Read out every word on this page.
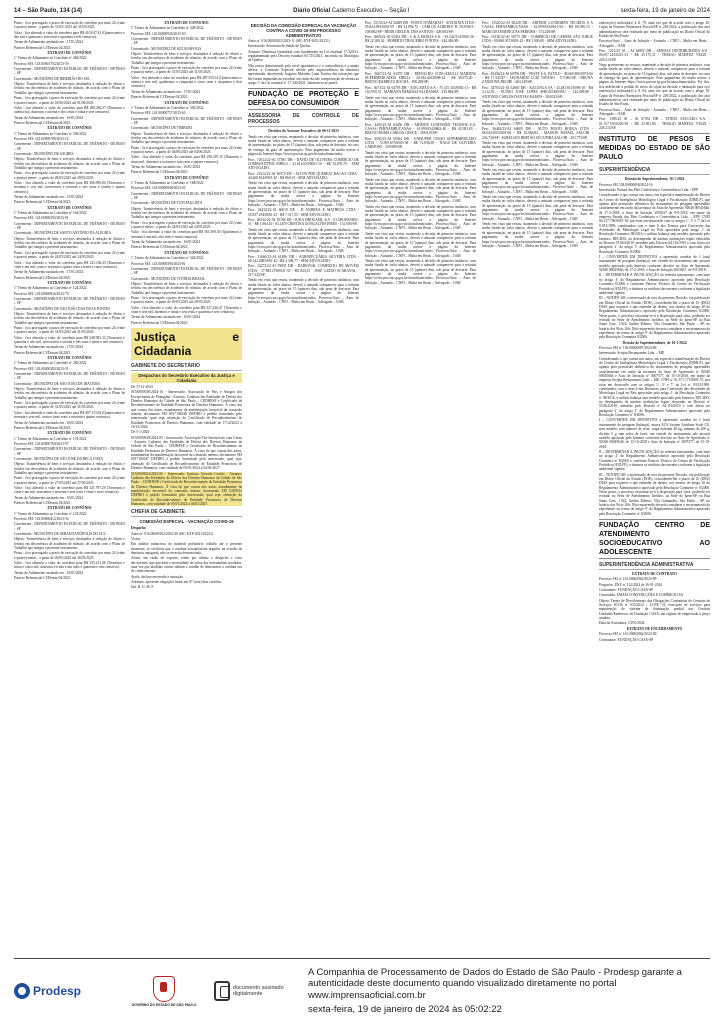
14 – São Paulo, 134 (14)	Diário Oficial Caderno Executivo – Seção I	sexta-feira, 19 de janeiro de 2024

Prazo : fica prorrogado o prazo de execução do convênio por mais 24 (vinte e quatro) meses , a partir de 31/05/ 2023 até 31/05/2025.

Valor : fica alterado o valor do convênio para R$ 410.047,43 (Quatrocentos e dez mil e quarenta e sete reais e quarenta e três centavos).

Termo de Aditamento assinado em : 17/01/2024

Parecer Referencial CJ/Detran 04/2023

EXTRATO DE CONVÊNIO

1º Termo de Aditamento ao Convênio nº 484/2022

Processo SEI: 143.00001702/2023-59

Convenente : DEPARTAMENTO ESTADUAL DE TRÂNSITO - DETRAN – SP

Conveniado : MUNICÍPIO DE RIBEIRÃO DO SUL

Objeto: Transferência de bens e serviços destinados à redução de óbitos e feridos em decorrência de acidentes de trânsito, de acordo com o Plano de Trabalho que integra o presente instrumento.

Prazo : fica prorrogado o prazo de execução do convênio por mais 24 (vinte e quatro) meses , a partir de 01/06/2023 até 01/06/2025.

Valor : fica alterado o valor do convênio para R$ 280.282,37 (Duzentos e oitenta mil, duzentos e oitenta e dois reais e trinta e sete centavos).

Termo de Aditamento assinado em : 16/01/2024

Parecer Referencial CJ/Detran 04/2023

EXTRATO DE CONVÊNIO

1º Termo de Aditamento ao Convênio nº 336/2022

Processo SEI: 143.00000789/2023-12

Convenente : DEPARTAMENTO ESTADUAL DE TRÂNSITO - DETRAN – SP

Conveniado : MUNICÍPIO DE SAGRES

Objeto: Transferência de bens e serviços destinados à redução de óbitos e feridos em decorrência de acidentes de trânsito, de acordo com o Plano de Trabalho que integra o presente instrumento.

Prazo : fica prorrogado o prazo de execução do convênio por mais 24 (vinte e quatro) meses , a partir de 28/05/2023 até 28/05/2025.

Valor : fica alterado o valor do convênio para R$ 366.996,84 (Trezentos e sessenta e seis mil, novecentos e noventa e seis reais e oitenta e quatro centavos).

Termo de Aditamento assinado em : 15/01/2024

Parecer Referencial CJ/Detran 04/2023

EXTRATO DE CONVÊNIO

1º Termo de Aditamento ao Convênio nº 164/2022

Processo SEI: 143.00000392/2023-91

Convenente : DEPARTAMENTO ESTADUAL DE TRÂNSITO - DETRAN – SP

Conveniado : MUNICÍPIO DE SANTO ANTÔNIO DA ALEGRIA

Objeto: Transferência de bens e serviços destinados à redução de óbitos e feridos em decorrência de acidentes de trânsito, de acordo com o Plano de Trabalho que integra o presente instrumento.

Prazo : fica prorrogado o prazo de execução do convênio por mais 24 (vinte e quatro) meses , a partir de 24/05/2023 até 24/05/2025.

Valor : fica alterado o valor do convênio para R$ 221.164,35 (Duzentos e vinte e um mil, cento e sessenta e quatro reais e trinta e cinco centavos).

Termo de Aditamento assinado em : 17/01/2024

Parecer Referencial CJ/Detran 04/2023

EXTRATO DE CONVÊNIO

1º Termo de Aditamento ao Convênio nº 124/2022

Processo SEI: 143.00000943/2023-70

Convenente : DEPARTAMENTO ESTADUAL DE TRÂNSITO - DETRAN – SP

Conveniado : MUNICÍPIO DE SÃO JOÃO DAS DUAS PONTES

Objeto: Transferência de bens e serviços destinados à redução de óbitos e feridos em decorrência de acidentes de trânsito, de acordo com o Plano de Trabalho que integra o presente instrumento.

Prazo : fica prorrogado o prazo de execução do convênio por mais 24 (vinte e quatro) meses , a partir de 31/05/2023 até 31/05/2025.

Valor : fica alterado o valor do convênio para R$ 348.983,33 (Trezentos e quarenta e oito mil, novecentos e oitenta e três reais e trinta e três centavos).

Termo de Aditamento assinado em : 17/01/2024

Parecer Referencial CJ/Detran 04/2023

EXTRATO DE CONVÊNIO

1º Termo de Aditamento ao Convênio nº 365/2022

Processo SEI: 143.00000382/2023-51

Convenente : DEPARTAMENTO ESTADUAL DE TRÂNSITO - DETRAN – SP

Conveniado : MUNICÍPIO DE SÃO JOÃO DE IRACEMA

Objeto: Transferência de bens e serviços destinados à redução de óbitos e feridos em decorrência de acidentes de trânsito, de acordo com o Plano de Trabalho que integra o presente instrumento.

Prazo : fica prorrogado o prazo de execução do convênio por mais 24 (vinte e quatro) meses , a partir de 31/05/2023 até 31/05/2025.

Valor : fica alterado o valor do convênio para R$ 497.113,94 (Quatrocentos e noventa e sete mil, cento e treze reais e noventa e quatro centavos).

Termo de Aditamento assinado em : 16/01/2024

Parecer Referencial CJ/Detran 04/2023

EXTRATO DE CONVÊNIO

1º Termo de Aditamento ao Convênio nº 191/2022

Processo SEI: 143.00000760/2023-97

Convenente : DEPARTAMENTO ESTADUAL DE TRÂNSITO - DETRAN – SP

Conveniado : MUNICÍPIO DE SÃO JOSÉ DA BELA VISTA

Objeto: Transferência de bens e serviços destinados à redução de óbitos e feridos em decorrência de acidentes de trânsito, de acordo com o Plano de Trabalho que integra o presente instrumento.

Prazo : fica prorrogado o prazo de execução do convênio por mais 24 (vinte e quatro) meses , a partir de 27/05/2023 até 27/05/2025.

Valor : fica alterado o valor do convênio para R$ 321.797,29 (Trezentos e vinte e um mil, setecentos e noventa e sete reais e vinte e nove centavos).

Termo de Aditamento assinado em : 16/01/2024

Parecer Referencial CJ/Detran 04/2023

EXTRATO DE CONVÊNIO

1º Termo de Aditamento ao Convênio nº 123/2022

Processo SEI: 143.00000412/2023-54

Convenente : DEPARTAMENTO ESTADUAL DE TRÂNSITO - DETRAN – SP

Conveniado : MUNICÍPIO DE SEBASTIANÓPOLIS DO SUL

Objeto: Transferência de bens e serviços destinados à redução de óbitos e feridos em decorrência de acidentes de trânsito, de acordo com o Plano de Trabalho que integra o presente instrumento.

Prazo : fica prorrogado o prazo de execução do convênio por mais 24 (vinte e quatro) meses , a partir de 26/05/2023 até 26/05/2025.

Valor : fica alterado o valor do convênio para R$ 335.231,48 (Trezentos e trinta e cinco mil, duzentos e trinta e um reais e quarenta e oito centavos).

Termo de Aditamento assinado em : 16/01/2024

Parecer Referencial CJ/Detran 04/2023

EXTRATO DE CONVÊNIO

1º Termo de Aditamento ao Convênio nº 428/2022

Processo SEI: 143.00000926/2023-03

Convenente : DEPARTAMENTO ESTADUAL DE TRÂNSITO - DETRAN – SP

Conveniado : MUNICÍPIO DE SUZANÁPOLIS

Objeto: Transferência de bens e serviços destinados à redução de óbitos e feridos em decorrência de acidentes de trânsito, de acordo com o Plano de Trabalho que integra o presente instrumento.

Prazo : fica prorrogado o prazo de execução do convênio por mais 24 (vinte e quatro) meses , a partir de 31/05/2023 até 31/05/2025.

Valor : fica alterado o valor do convênio para R$ 487.555,52 (Quatrocentos e oitenta e sete mil, quinhentos e cinquenta e cinco reais e cinquenta e dois centavos).

Termo de Aditamento assinado em : 17/01/2024

Parecer Referencial CJ/Detran 04/2023

EXTRATO DE CONVÊNIO

1º Termo de Aditamento ao Convênio nº 350/2022

Processo SEI: 143.00000757/2023-63

Convenente : DEPARTAMENTO ESTADUAL DE TRÂNSITO - DETRAN – SP

Conveniado : MUNICÍPIO DE TIMBURI

Objeto: Transferência de bens e serviços destinados à redução de óbitos e feridos em decorrência de acidentes de trânsito, de acordo com o Plano de Trabalho que integra o presente instrumento.

Prazo : fica prorrogado o prazo de execução do convênio por mais 24 (vinte e quatro) meses , a partir de 04/06/2023 até 04/06/2025.

Valor : fica alterado o valor do convênio para R$ 230.297,15 (Duzentos e trinta mil, duzentos e noventa e sete reais e quinze centavos).

Termo de Aditamento assinado em : 16/01/2024

Parecer Referencial CJ/Detran 04/2023

EXTRATO DE CONVÊNIO

1º Termo de Aditamento ao Convênio nº 168/2022

Processo SEI: 143.00000948/2023-05

Convenente : DEPARTAMENTO ESTADUAL DE TRÂNSITO - DETRAN – SP

Conveniado : MUNICÍPIO DE TUPI PAULISTA

Objeto: Transferência de bens e serviços destinados à redução de óbitos e feridos em decorrência de acidentes de trânsito, de acordo com o Plano de Trabalho que integra o presente instrumento.

Prazo : fica prorrogado o prazo de execução do convênio por mais 24 (vinte e quatro) meses , a partir de 24/05/2023 até 24/05/2025.

Valor : fica alterado o valor do convênio para R$ 561.008,30 (Quinhentos e sessenta e um mil, oito reais e trinta centavos).

Termo de Aditamento assinado em : 16/01/2024

Parecer Referencial CJ/Detran 04/2023

EXTRATO DE CONVÊNIO

1º Termo de Aditamento ao Convênio nº 344/2022

Processo SEI: 143.00000395/2023-81

Convenente : DEPARTAMENTO ESTADUAL DE TRÂNSITO - DETRAN – SP

Conveniado : MUNICÍPIO DE VITÓRIA BRASIL

Objeto: Transferência de bens e serviços destinados à redução de óbitos e feridos em decorrência de acidentes de trânsito, de acordo com o Plano de Trabalho que integra o presente instrumento.

Prazo : fica prorrogado o prazo de execução do convênio por mais 24 (vinte e quatro) meses , a partir de 29/05/2023 até 29/05/2025.

Valor : fica alterado o valor do convênio para R$ 327.236,47 (Trezentos e vinte e sete mil, duzentos e trinta e seis reais e quarenta e sete centavos).

Termo de Aditamento assinado em : 16/01/2024

Parecer Referencial CJ/Detran 04/2023

Justiça e Cidadania
GABINETE DO SECRETÁRIO
Despachos do Secretário Executivo da Justiça e Cidadania

De 17-12-2023

015/0000018/2024-16 - Interessado: Associação de Pais e Amigos dos Excepcionais de Pirangaba - Assunto: Cadastro das Entidades de Defesa dos Direitos Humanos da Cidade de São Paulo – CEDHESP e Certificado de Reconhecimento de Entidade Promotora de Direitos Humanos. À vista dos que consta dos autos, notadamente da manifestação favorável da comissão interna, documento SEI 0017108348 DEFIRO o pedido formulado pelo interessado, qual seja, obtenção do Certificado de Reconhecimento de Entidade Promotora de Direitos Humanos, com validade de 17/12/2023 a 16/12/2026.

De 5-1-2024

015/0000018/2024-05 - Interessado: Associação The Invencíveis com Causa - Assunto: Cadastro das Entidades de Defesa dos Direitos Humanos da Cidade de São Paulo – CEDHESP e Certificado de Reconhecimento de Entidade Promotora de Direitos Humanos. À vista do que consta dos autos, notadamente da manifestação favorável da comissão interna, documento SEI 0017182047 DEFIRO o pedido formulado pelo interessado, qual seja, obtenção do Certificado de Reconhecimento de Entidade Promotora de Direitos Humanos, com validade de 05/01/2024 a 04/01/2027.

015/0000024/2023-82 - Interessado: Instituto Avivado Cristão - Assunto: Cadastro das Entidades de Defesa dos Direitos Humanos da Cidade de São Paulo – CEDHESP e Certificado de Reconhecimento de Entidade Promotora de Direitos Humanos. À vista do que consta dos autos, notadamente da manifestação favorável da comissão interna, documento SEI 0200914 DEFIRO o pedido formulado pelo interessado, qual seja, obtenção do Certificado de Reconhecimento de Entidade Promotora de Direitos Humanos, com validade de 05/01/2024 a 04/01/2027.

CHEFIA DE GABINETE
COMISSÃO ESPECIAL - VACINAÇÃO COVID-19

Despacho

Autos nº 016.00000102/2023-40 (SIC-EXP-2021/02221)

Vistos.

Em análise minuciosa do material probatório colhido até o presente momento, se verificou que a conduta extrapolatória arguida, na ocasião da denúncia inaugural, não se revestiu demonstrada.

Assim, em razão do exposto, tenho por ultimo o despacho e vitos decorrentes, que prevêem e necessidade de oitiva das testemunhas arroladas, uma vez que aludidas oitivas tinham o condão de demonstrar a conduta ora de conhecimento.

Ayrês, declaro encerrada a instrução.

Ademais, apresente alegações finais em 07 (sete) dias corridos.

Intí. R. G. M. F.

DECISÃO DA COMISSÃO ESPECIAL DA VACINAÇÃO CONTRA A COVID-19 EM PROCESSO ADMINISTRATIVO

Autos nº 016.00000102/2023-11 (SIC-EXP-2021/02121)

Interessado: Secretaria de Saúde de Queluz

Assunto: Denúncia formulada com fundamento na Lei estadual 17.320/21, regulamentada pelo Decreto estadual 65.725/2021, incorrida no Município de Queluz.

Não restou demonstrado pelo nível quantitativo e o contraditório e a ampla defesa, a Comissão Especial decide pela improcedência da denúncia apresentada, absolvendo Augusto Marinho Lima Texeira das acusações que lhe foram imputadas na exordial, em razão da não comprovação de ofensa ao artigo 1º da Lei estadual nº 17.320/2021. Intimem-se as partes.

FUNDAÇÃO DE PROTEÇÃO E DEFESA DO CONSUMIDOR
ASSESSORIA DE CONTROLE DE PROCESSOS

Decisões do Assessor Executivo, de 06-12-2023

Tendo em vista que restou, mantendo a decisão de primeira instância, com multa fixada no valor abaixo, deverá o autuado comparecer para a retirada de apresentação, no prazo de 15 (quinze) dias, sob pena de descarte, no caso de entrega da guia de apresentação. Para pagamento da multa acesse a página da Internet https://www.procon.sp.gov.br/autosfinanciados.

Proc. 10512/22-AI 57385 DB - DAVID DE OLIVEIRA COMERCIO DE COMBUSTÍVEIS EIRELI - 21.614.653/0001-10 - R$ 32.876,70 - SEM ADVOGADO;

Proc. 23312/22-AI 60570 DE - ALTON PDE QUEIROZ RACAO LTDA - 44.608.814/0001-20 - R$ 860,15 - SEM ADVOGADO;

Tendo em vista que restou, mantendo a decisão de primeira instância, com multa fixada no valor abaixo, deverá o autuado comparecer para a retirada de apresentação, no prazo de 15 (quinze) dias, sob pena de descarte. Para pagamento da multa acesse a página da Internet https://www.procon.sp.gov.br/autosfinanciados. Processo/Auto – Auto de Infração – Autuado – CNPJ – Multa em Reais – Advogado – OAB

Proc. 24432/22-AI 60010 DE - D ANDREA E MATHEUS LTDA - 35.837.294/0001-25 - R$ 7.317,55 - SEM ADVOGADO;

Proc. 26542/22-AI 10186 DE - RAIA DROGASIL S/A - 61.585.865/0001-51 - R$ 1.064,10 - ELLEN CRISTINA GONÇALVES PIRES - 131.600/SP;

Tendo em vista que restou, mantendo a decisão de primeira instância, com multa fixada no valor abaixo, deverá o autuado comparecer para a retirada de apresentação, no prazo de 15 (quinze) dias, sob pena de descarte. Para pagamento da multa acesse a página da Internet https://www.procon.sp.gov.br/autosfinanciados. Processo/Auto – Auto de Infração – Autuado – CNPJ – Multa em Reais – Advogado – OAB

Proc. 31660/22-AI 61486 DB - AGROPECUÁRIA SILVEIRA LTDA - 68.142.288/0001-42 - R$ 3.308,77 - SEM ADVOGADO;

Proc. 34272/22-AI 59835 DB - RADIONAL COMERCIO DE MOVEIS LTDA - 57.885.278/0021-35 - R$ 843,35 - JOSÉ GUIDO SCARANAL - 217.325/SP;

Tendo em vista que restou, mantendo a decisão de primeira instância, com multa fixada no valor abaixo, deverá o autuado comparecer para a retirada de apresentação, no prazo de 15 (quinze) dias, sob pena de descarte. Para pagamento da multa acesse a página da Internet https://www.procon.sp.gov.br/autosfinanciados. Processo/Auto – Auto de Infração – Autuado – CNPJ – Multa em Reais – Advogado – OAB

Proc. 35153/22-AI 52489 DB - POSTO ITAMARATI - ANANIATA LTDA - 05.824.981/0001-05 - R$ 32.894,75 - CARLOS ALBERTO R. NOVAES - 108.882/SP - HEIDI ODILE B. DOS SANTOS - 449.083/SP;

Proc. 3669/22-AI 63414 DB - C & A MODAS S.A. - 45.242.914/0106-36 - R$ 22.390,02 - ROBERTO TRIGUEIRO FONTES - 244.463/SP;

Tendo em vista que restou, mantendo a decisão de primeira instância, com multa fixada no valor abaixo, deverá o autuado comparecer para a retirada de apresentação, no prazo de 15 (quinze) dias, sob pena de descarte. Para pagamento da multa acesse a página da Internet https://www.procon.sp.gov.br/autosfinanciados. Processo/Auto – Auto de Infração – Autuado – CNPJ – Multa em Reais – Advogado – OAB

Proc. 3667/22-AI 63379 DB - REINALDO CONCAROLLI MARTINS SUPERMERCADOS EIRELI - 20.944.403/0008-44 - R$ 30.075,20 - BRUNO BARRETO ROCHA - 398.298/SP;

Proc. 3673/22-AI 64795 DB - ATACADÃO S/A - 75.315.333/0082-15 - R$ 116.959,12 - MARIANA DEMOZZI SALDANHA - 255.884/SP;

Tendo em vista que restou, mantendo a decisão de primeira instância, com multa fixada no valor abaixo, deverá o autuado comparecer para a retirada de apresentação, no prazo de 15 (quinze) dias, sob pena de descarte. Para pagamento da multa acesse a página da Internet https://www.procon.sp.gov.br/autosfinanciados. Processo/Auto – Auto de Infração – Autuado – CNPJ – Multa em Reais – Advogado – OAB

Proc. 4402/23-AI 64456 DB - ARTHUR LUNDGREN TECIDOS S.A. CASAS PERNAMBUCANAS - 61.099.834/0862-40 - R$ 43.383,83 - BRUNO BORIS CARLOS CROCE - 258.819/SP;

Proc. 4592/23-AI 65564 DB - UNISUPER UNIAO SUPERMERCADO LTDA - 72.995.673/0003-38 - R$ 72.838,38 - TIAGO DE OLIVEIRA CARDOSO - 359.689/SP;

Tendo em vista que restou, mantendo a decisão de primeira instância, com multa fixada no valor abaixo, deverá o autuado comparecer para a retirada de apresentação, no prazo de 15 (quinze) dias, sob pena de descarte. Para pagamento da multa acesse a página da Internet https://www.procon.sp.gov.br/autosfinanciados. Processo/Auto – Auto de Infração – Autuado – CNPJ – Multa em Reais – Advogado – OAB

Tendo em vista que restou, mantendo a decisão de primeira instância, com multa fixada no valor abaixo, deverá o autuado comparecer para a retirada de apresentação, no prazo de 15 (quinze) dias, sob pena de descarte. Para pagamento da multa acesse a página da Internet https://www.procon.sp.gov.br/autosfinanciados. Processo/Auto – Auto de Infração – Autuado – CNPJ – Multa em Reais – Advogado – OAB

Tendo em vista que restou, mantendo a decisão de primeira instância, com multa fixada no valor abaixo, deverá o autuado comparecer para a retirada de apresentação, no prazo de 15 (quinze) dias, sob pena de descarte. Para pagamento da multa acesse a página da Internet https://www.procon.sp.gov.br/autosfinanciados. Processo/Auto – Auto de Infração – Autuado – CNPJ – Multa em Reais – Advogado – OAB

Tendo em vista que restou, mantendo a decisão de primeira instância, com multa fixada no valor abaixo, deverá o autuado comparecer para a retirada de apresentação, no prazo de 15 (quinze) dias, sob pena de descarte. Para pagamento da multa acesse a página da Internet https://www.procon.sp.gov.br/autosfinanciados. Processo/Auto – Auto de Infração – Autuado – CNPJ – Multa em Reais – Advogado – OAB

Tendo em vista que restou, mantendo a decisão de primeira instância, com multa fixada no valor abaixo, deverá o autuado comparecer para a retirada de apresentação, no prazo de 15 (quinze) dias, sob pena de descarte. Para pagamento da multa acesse a página da Internet https://www.procon.sp.gov.br/autosfinanciados. Processo/Auto – Auto de Infração – Autuado – CNPJ – Multa em Reais – Advogado – OAB

Proc. 15520/22-AI 60228 DB - ARTHUR LUNDGREN TECIDOS S A CASAS PERNAMBUCANAS - 61.099.834/0161-94 - R$ 66.596,74 - MARCOS DOMINGUES PEREIRA - 174.236/SP;

Proc. 16130/22-AI 56775 DB - COMERCIO DE CARNES SÃO JORGE LTDA - 00.868.037/0001-43 - R$ 1.000,00 - SEM ADVOGADO;

Tendo em vista que restou, mantendo a decisão de primeira instância, com multa fixada no valor abaixo, deverá o autuado comparecer para a retirada de apresentação, no prazo de 15 (quinze) dias, sob pena de descarte. Para pagamento da multa acesse a página da Internet https://www.procon.sp.gov.br/autosfinanciados. Processo/Auto – Auto de Infração – Autuado – CNPJ – Multa em Reais – Advogado – OAB

Proc. 30456/22-AI 60706 DB - VESTE S.A. ESTILO - 49.669.856/0074-60 - R$ 17.543,87 - LEONARDO LUIZ TAVANO - 173.965/SP - BRUNA ZANDONA BECHE - 463.349/SP;

Proc. 34703/22-AI 52865 DB - KALUNGA SA - 43.283.811/0096-10 - R$ 3.112,93 - PLÍNIO JOSÉ LOPES SHIGUEMATSU - 144.399/SP - ANTONIO CARLOS DANTAS RAMOS - 184.023/SP;

Tendo em vista que restou, mantendo a decisão de primeira instância, com multa fixada no valor abaixo, deverá o autuado comparecer para a retirada de apresentação, no prazo de 15 (quinze) dias, sob pena de descarte. Para pagamento da multa acesse a página da Internet https://www.procon.sp.gov.br/autosfinanciados. Processo/Auto – Auto de Infração – Autuado – CNPJ – Multa em Reais – Advogado – OAB

Proc. 36462/22-AI 64605 DB - AUTO POSTO BOEGA LTDA - 06.044.655/0001-06 - R$ 10.966,92 - MAISON RAFAEL SALCHI - 234.730/SP - SURELLEN BERTÃO SUCUPIRA SALCHI - 203.773/SP;

Tendo em vista que restou, mantendo a decisão de primeira instância, com multa fixada no valor abaixo, deverá o autuado comparecer para a retirada de apresentação, no prazo de 15 (quinze) dias, sob pena de descarte. Para pagamento da multa acesse a página da Internet https://www.procon.sp.gov.br/autosfinanciados. Processo/Auto – Auto de Infração – Autuado – CNPJ – Multa em Reais – Advogado – OAB

Tendo em vista que restou, mantendo a decisão de primeira instância, com multa fixada no valor abaixo, deverá o autuado comparecer para a retirada de apresentação, no prazo de 15 (quinze) dias, sob pena de descarte. Para pagamento da multa acesse a página da Internet https://www.procon.sp.gov.br/autosfinanciados. Processo/Auto – Auto de Infração – Autuado – CNPJ – Multa em Reais – Advogado – OAB

Tendo em vista que restou, mantendo a decisão de primeira instância, com multa fixada no valor abaixo, deverá o autuado comparecer para a retirada de apresentação, no prazo de 15 (quinze) dias, sob pena de descarte. Para pagamento da multa acesse a página da Internet https://www.procon.sp.gov.br/autosfinanciados. Processo/Auto – Auto de Infração – Autuado – CNPJ – Multa em Reais – Advogado – OAB

Tendo em vista que restou, mantendo a decisão de primeira instância, com multa fixada no valor abaixo, deverá o autuado comparecer para a retirada de apresentação, no prazo de 15 (quinze) dias, sob pena de descarte. Para pagamento da multa acesse a página da Internet https://www.procon.sp.gov.br/autosfinanciados. Processo/Auto – Auto de Infração – Autuado – CNPJ – Multa em Reais – Advogado – OAB

endereço(s) indicado(s) à fl. 79, uma vez que de acordo com o artigo 10, Caput da Portaria Normativa Procon/SP nº 229/2022, a publicação dos atos administrativos será realizada por meio de publicação no Diário Oficial do Estado de São Paulo.

Processo/Auto – Auto de Infração - Autuado – CNPJ – Multa em Reais – Advogado – OAB

Proc. 1212/23 AI – AI 64892 DB – SENDAS DISTRIBUIDORA S/A - 06.057.223/0221-23 - R$ 25.175,31 - THIAGO MAHFUZ VEZZI - 228.213/SP.

Nego provimento ao recurso, mantendo a decisão de primeira instância, com multa fixada no valor abaixo, deverá o autuado comparecer para a retirada de apresentação, no prazo de 15 (quinze) dias, sob pena de descarte, no caso de entrega da guia de apresentação. Para pagamento da multa acesse a página da Internet https://www.procon.sp.gov.br/autosfinanciados. Por fim, fica indeferido o pedido de envio de cópia da decisão e intimação para o(s) endereço(s) indicado(s) à fl. 94, uma vez que de acordo com o artigo 10, Caput da Portaria Normativa Procon/SP nº 229/2022, a publicação dos atos administrativos será realizada por meio de publicação no Diário Oficial do Estado de São Paulo.

Processo/Auto – Auto de Infração - Autuado – CNPJ – Multa em Reais – Advogado – OAB

Proc. 1383/23 AI – AI 67055 DB – TENDA ATACADO S.A. - 01.157.555/0220-39 - R$ 52.691,80 - THIAGO MAHFUZ VEZZI - 228.213/SP.

INSTITUTO DE PESOS E MEDIDAS DO ESTADO DE SÃO PAULO
SUPERINTENDÊNCIA

Decisão do Superintendente, 16-1-2024

Processo SEI 138.00000090/2024-16

Interessado: Paraná dos Pães Confeitaria e Conveniência Ltda. - EPP

Considerando o que consta nos autos, em especial a manifestação do Diretor do Centro de Inteligência Metrológica Legal e Fiscalização (DIMLF), que opinou pela permissão definitiva do instrumento de pesagem apreendido cautelarmente em razão da lavratura do Auto de Apreensão 92040 00045646, de 17-2-2018, o Auto de Infração 3053637 de 9-8-2018, em nome da empresa Parada dos Pães Confeitaria e Conveniência Ltda. – EPP, CNPJ 04.137.796/0001-18, por estar em desacordo com os artigos 1º, 5º e 7º da Lei 9.933/1999, combinados com o item 6 dos Termos para Conversão das Atividades de Metrologia Legal no País aprovadas pela artigo 1º da Resolução Conmetro 08/2016, e utilizar balança sem modelo aprovado pelo Inmetro, DECIDO, no desempenho de minhas atribuições legais elencadas no Decreto 55.864/2010, atendido pelo Decreto 64.116/2019 e com fulcro no parágrafo 2º do artigo 5º do Regulamento Administrativo aprovado pela Resolução Conmetro 8/2006:

I – CONVERTER EM DEFINITIVA a apreensão cautelar de 1 (um) instrumento de pesagem (balança), em virtude do instrumento não possuir modelo aprovado pelo Inmetro conforme descrito no Auto de Apreensão 92040 00045646, de 17-2-2018, e Auto de Infração 3053637, de 9-8-2018;

II – DETERMINAR A INUTILIZAÇÃO da referida instrumento, com base no artigo 4º do Regulamento Administrativo aprovado pela Resolução Conmetro 8/2006 e conforme Parecer Técnico do Centro de Verificação Periódica (ANLFF), e destinar os resíduos decorrentes conforme a legislação ambiental vigente;

III – NOTIFICAR o interessado do teor da presente Decisão, via publicação em Diário Oficial do Estado (DOE), concedendo-lhe o prazo de 10 (DEZ) DIAS para requerer o que entender de direito, nos termos do artigo 20 do Regulamento Administrativo aprovado pela Resolução Conmetro 8/2006. Neste prazo, o processo encontrar-se-á à disposição para vista, podendo ser retirado no Setor de Atendimento Jurídico, na Sede do Ipem-SP, na Rua Santa Cruz, 1.922, Jardim Ribeiro, Vila Guimarães, São Paulo – SP, no horário das 9h às 16h. Não requerendo devesta considerar o encerramento do expediente, no termo do artigo 9º do Regulamento Administrativo aprovado pela Resolução Conmetro 8/2006.

Decisão do Superintendente, de 16-1-2024

Processo SEI nº 138.00000087/2024-86

Interessado: Scripta Restaurantes Ltda. – ME

Considerando o que consta nos autos, em especial a manifestação do Diretor do Centro de Inteligência Metrológica Legal e Fiscalização (DIMLF), que opinou pela permissão definitiva do instrumento de pesagem apreendido cautelarmente em razão da lavratura do Auto de Apreensão nº 92040 00045646 e Auto de Infração nº 3007377, de 15-10-2018, em nome da empresa Scripta Restaurantes Ltda. – ME, CNPJ nº 01.571.171/0001-57, por estar em desacordo com os artigos 1º, 5º e 7º da Lei nº 9.933/1999, combinados com o item 6 das Diretrizes para Conversão das Atividades de Metrologia Legal no País aprovadas pela artigo 1º da Resolução Conmetro nº 08/2016, e utilizar balança sem modelo aprovado pelo Inmetro, DECIDO, no desempenho de minhas atribuições legais elencadas no Decreto nº 55.864/2010, atendido pelo Decreto nº 64.116/2019 e com fulcro no parágrafo 2º do artigo 5º do Regulamento Administrativo aprovado pela Resolução Conmetro nº 8/2006:

I – CONVERTER EM DEFINITIVA a apreensão cautelar de 1 (um) instrumento de pesagem (balança), marca ACS System Attribute Scale CE, sem modelo, sem número de série, carga máxima 40 kg, mínima de 200 g, divisão 5 g sem selos de lacre, em virtude do instrumento não possuir modelo aprovado pelo Inmetro conforme descrito no Auto de Apreensão nº 92040 00045646, de 15-10-2018 e Auto de Infração nº 3007377, de 15-10-2018;

II – DETERMINAR A INUTILIZAÇÃO da referida instrumento, com base no artigo 4º do Regulamento Administrativo aprovado pela Resolução Conmetro nº 8/2006 e conforme Parecer Técnico do Centro de Verificação Periódica (ANLFF), e destinar os resíduos decorrentes conforme a legislação ambiental vigente;

III – NOTIFICAR o interessado do teor da presente Decisão, via publicação em Diário Oficial do Estado (DOE), concedendo-lhe o prazo de 10 (DEZ) DIAS para requerer o que entender de direito, nos termos do artigo 20 do Regulamento Administrativo aprovado pela Resolução Conmetro nº 8/2006. Neste prazo, o processo encontrar-se-á à disposição para vista, podendo ser retirado no Setor de Atendimento Jurídico, na Sede do Ipem-SP, na Rua Santa Cruz, 1.922, Jardim Ribeiro, Vila Guimarães, São Paulo – SP, no horário das 9h às 16h. Não requerendo devesta considerar o encerramento do expediente, no termo do artigo 9º do Regulamento Administrativo aprovado pela Resolução Conmetro nº 8/2006.

FUNDAÇÃO CENTRO DE ATENDIMENTO SOCIOEDUCATIVO AO ADOLESCENTE
SUPERINTENDÊNCIA ADMINISTRATIVA

EXTRATO DE CONTRATO

Processo SEI nº 161.00062962/2023-89

Pregoeiro: DSV nº 112/2024 de 16-01-2024

Contratante: FUNDAÇÃO CASA-SP

Contratada: ZMAM CONSTRUÇÕES E COMÉRCIO SA

Objeto: Termo de Devolvimento das Obrigações Contratuais do Contrato de Serviços SCOS nº 035/2022 – LOTE 01, execução de serviços para manutenção do sistema de iluminação predial nas Centrais Unidades/Enderecos da Fundação CASA, em regime de empreitada a preço unitário.

Data da Assinatura: 15/01/2024

EXTRATO DE ENCERRAMENTO

Processo SEI nº 161.00062962/2023-89

Contratante: FUNDAÇÃO CASA-SP

Prodesp
GOVERNO DO ESTADO DE SÃO PAULO
documento assinado digitalmente
A Companhia de Processamento de Dados do Estado de São Paulo - Prodesp garante a autenticidade deste documento quando visualizado diretamente no portal www.imprensaoficial.com.br
sexta-feira, 19 de janeiro de 2024 às 05:02:22
